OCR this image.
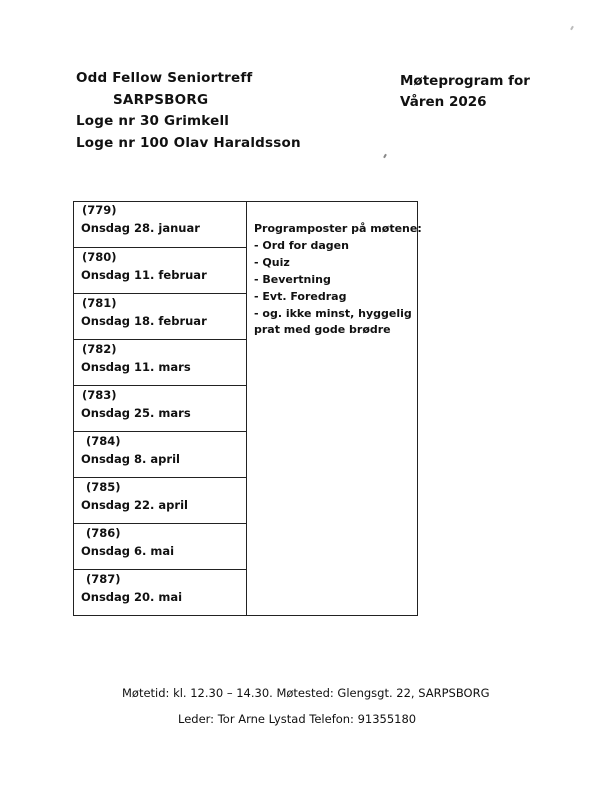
Odd Fellow Seniortreff
SARPSBORG
Loge nr 30 Grimkell
Loge nr 100 Olav Haraldsson
Møteprogram for
Våren 2026
(779)
Onsdag 28. januar
(780)
Onsdag 11. februar
(781)
Onsdag 18. februar
(782)
Onsdag 11. mars
(783)
Onsdag 25. mars
(784)
Onsdag 8. april
(785)
Onsdag 22. april
(786)
Onsdag 6. mai
(787)
Onsdag 20. mai
Programposter på møtene:
- Ord for dagen
- Quiz
- Bevertning
- Evt. Foredrag
- og. ikke minst, hyggelig
prat med gode brødre
Møtetid: kl. 12.30 – 14.30. Møtested: Glengsgt. 22, SARPSBORG
Leder: Tor Arne Lystad Telefon: 91355180
